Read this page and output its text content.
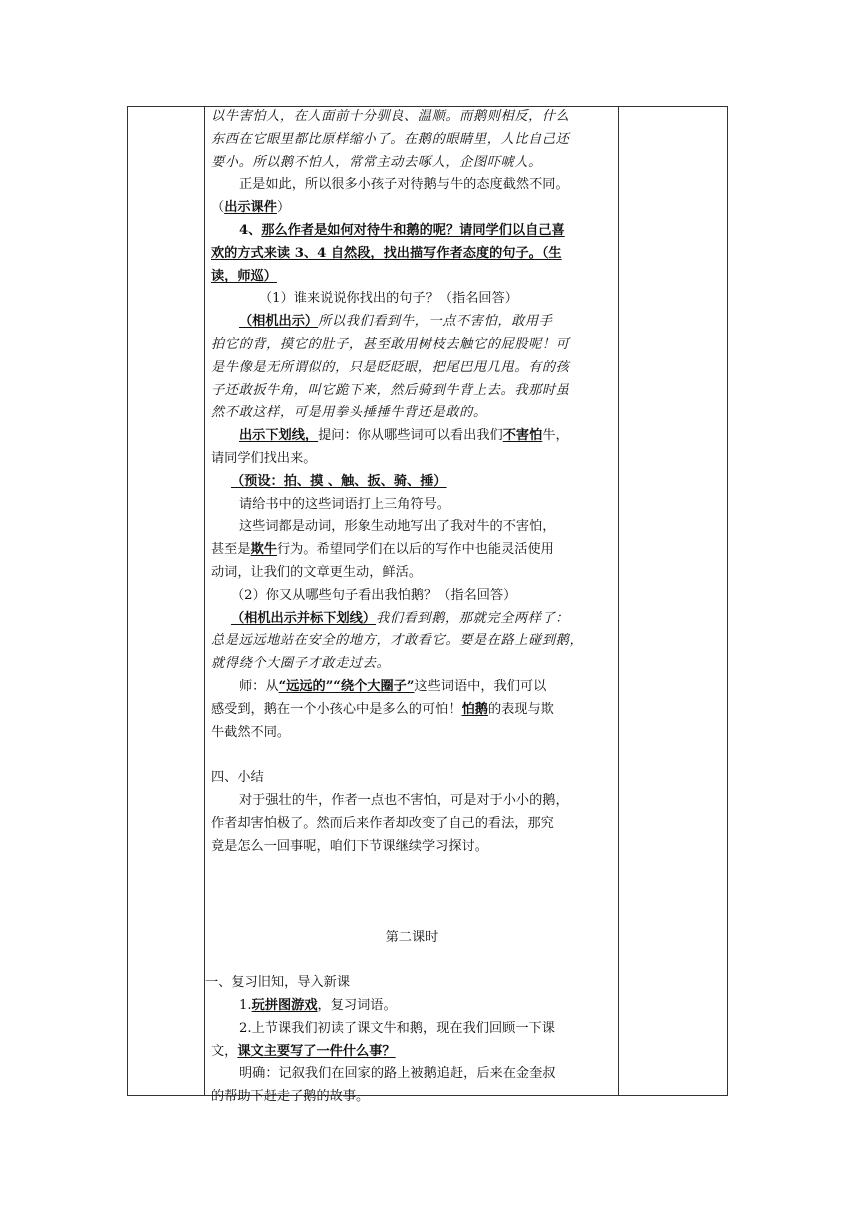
以牛害怕人，在人面前十分驯良、温顺。而鹅则相反，什么
东西在它眼里都比原样缩小了。在鹅的眼睛里，人比自己还
要小。所以鹅不怕人，常常主动去啄人，企图吓唬人。
正是如此，所以很多小孩子对待鹅与牛的态度截然不同。
（出示课件）
4、那么作者是如何对待牛和鹅的呢？请同学们以自己喜
欢的方式来读 3、4 自然段，找出描写作者态度的句子。（生
读，师巡）
（1）谁来说说你找出的句子？（指名回答）
（相机出示）所以我们看到牛，一点不害怕，敢用手
拍它的背，摸它的肚子，甚至敢用树枝去触它的屁股呢！可
是牛像是无所谓似的，只是眨眨眼，把尾巴甩几甩。有的孩
子还敢扳牛角，叫它跪下来，然后骑到牛背上去。我那时虽
然不敢这样，可是用拳头捶捶牛背还是敢的。
出示下划线，提问：你从哪些词可以看出我们不害怕牛，
请同学们找出来。
（预设：拍、摸 、触、扳、骑、捶）
请给书中的这些词语打上三角符号。
这些词都是动词，形象生动地写出了我对牛的不害怕，
甚至是欺牛行为。希望同学们在以后的写作中也能灵活使用
动词，让我们的文章更生动，鲜活。
（2）你又从哪些句子看出我怕鹅？（指名回答）
（相机出示并标下划线）我们看到鹅，那就完全两样了：
总是远远地站在安全的地方，才敢看它。要是在路上碰到鹅，
就得绕个大圈子才敢走过去。
师：从“远远的”“绕个大圈子”这些词语中，我们可以
感受到，鹅在一个小孩心中是多么的可怕！怕鹅的表现与欺
牛截然不同。
四、小结
对于强壮的牛，作者一点也不害怕，可是对于小小的鹅，
作者却害怕极了。然而后来作者却改变了自己的看法，那究
竟是怎么一回事呢，咱们下节课继续学习探讨。
第二课时
一、复习旧知，导入新课
1.玩拼图游戏，复习词语。
2.上节课我们初读了课文牛和鹅，现在我们回顾一下课
文，课文主要写了一件什么事？
明确：记叙我们在回家的路上被鹅追赶，后来在金奎叔
的帮助下赶走了鹅的故事。
